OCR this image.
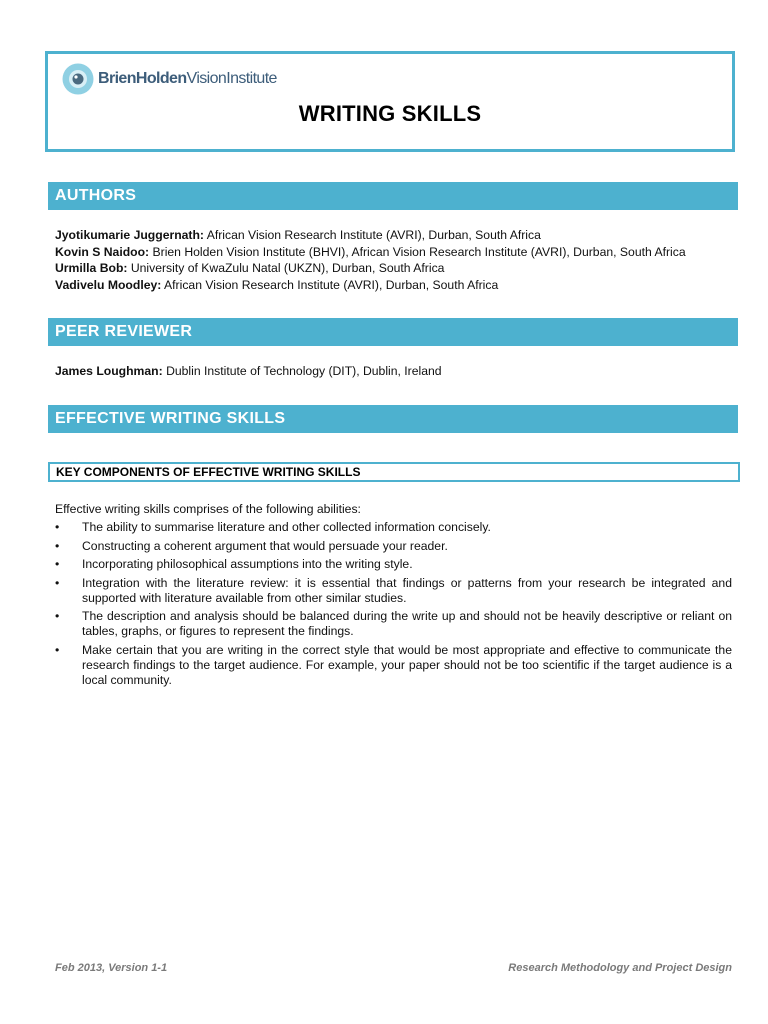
BrienHoldenVisionInstitute
WRITING SKILLS
AUTHORS
Jyotikumarie Juggernath: African Vision Research Institute (AVRI), Durban, South Africa
Kovin S Naidoo: Brien Holden Vision Institute (BHVI), African Vision Research Institute (AVRI), Durban, South Africa
Urmilla Bob: University of KwaZulu Natal (UKZN), Durban, South Africa
Vadivelu Moodley: African Vision Research Institute (AVRI), Durban, South Africa
PEER REVIEWER
James Loughman: Dublin Institute of Technology (DIT), Dublin, Ireland
EFFECTIVE WRITING SKILLS
KEY COMPONENTS OF EFFECTIVE WRITING SKILLS
Effective writing skills comprises of the following abilities:
• The ability to summarise literature and other collected information concisely.
• Constructing a coherent argument that would persuade your reader.
• Incorporating philosophical assumptions into the writing style.
• Integration with the literature review: it is essential that findings or patterns from your research be integrated and supported with literature available from other similar studies.
• The description and analysis should be balanced during the write up and should not be heavily descriptive or reliant on tables, graphs, or figures to represent the findings.
• Make certain that you are writing in the correct style that would be most appropriate and effective to communicate the research findings to the target audience. For example, your paper should not be too scientific if the target audience is a local community.
Feb 2013, Version 1-1	Research Methodology and Project Design
